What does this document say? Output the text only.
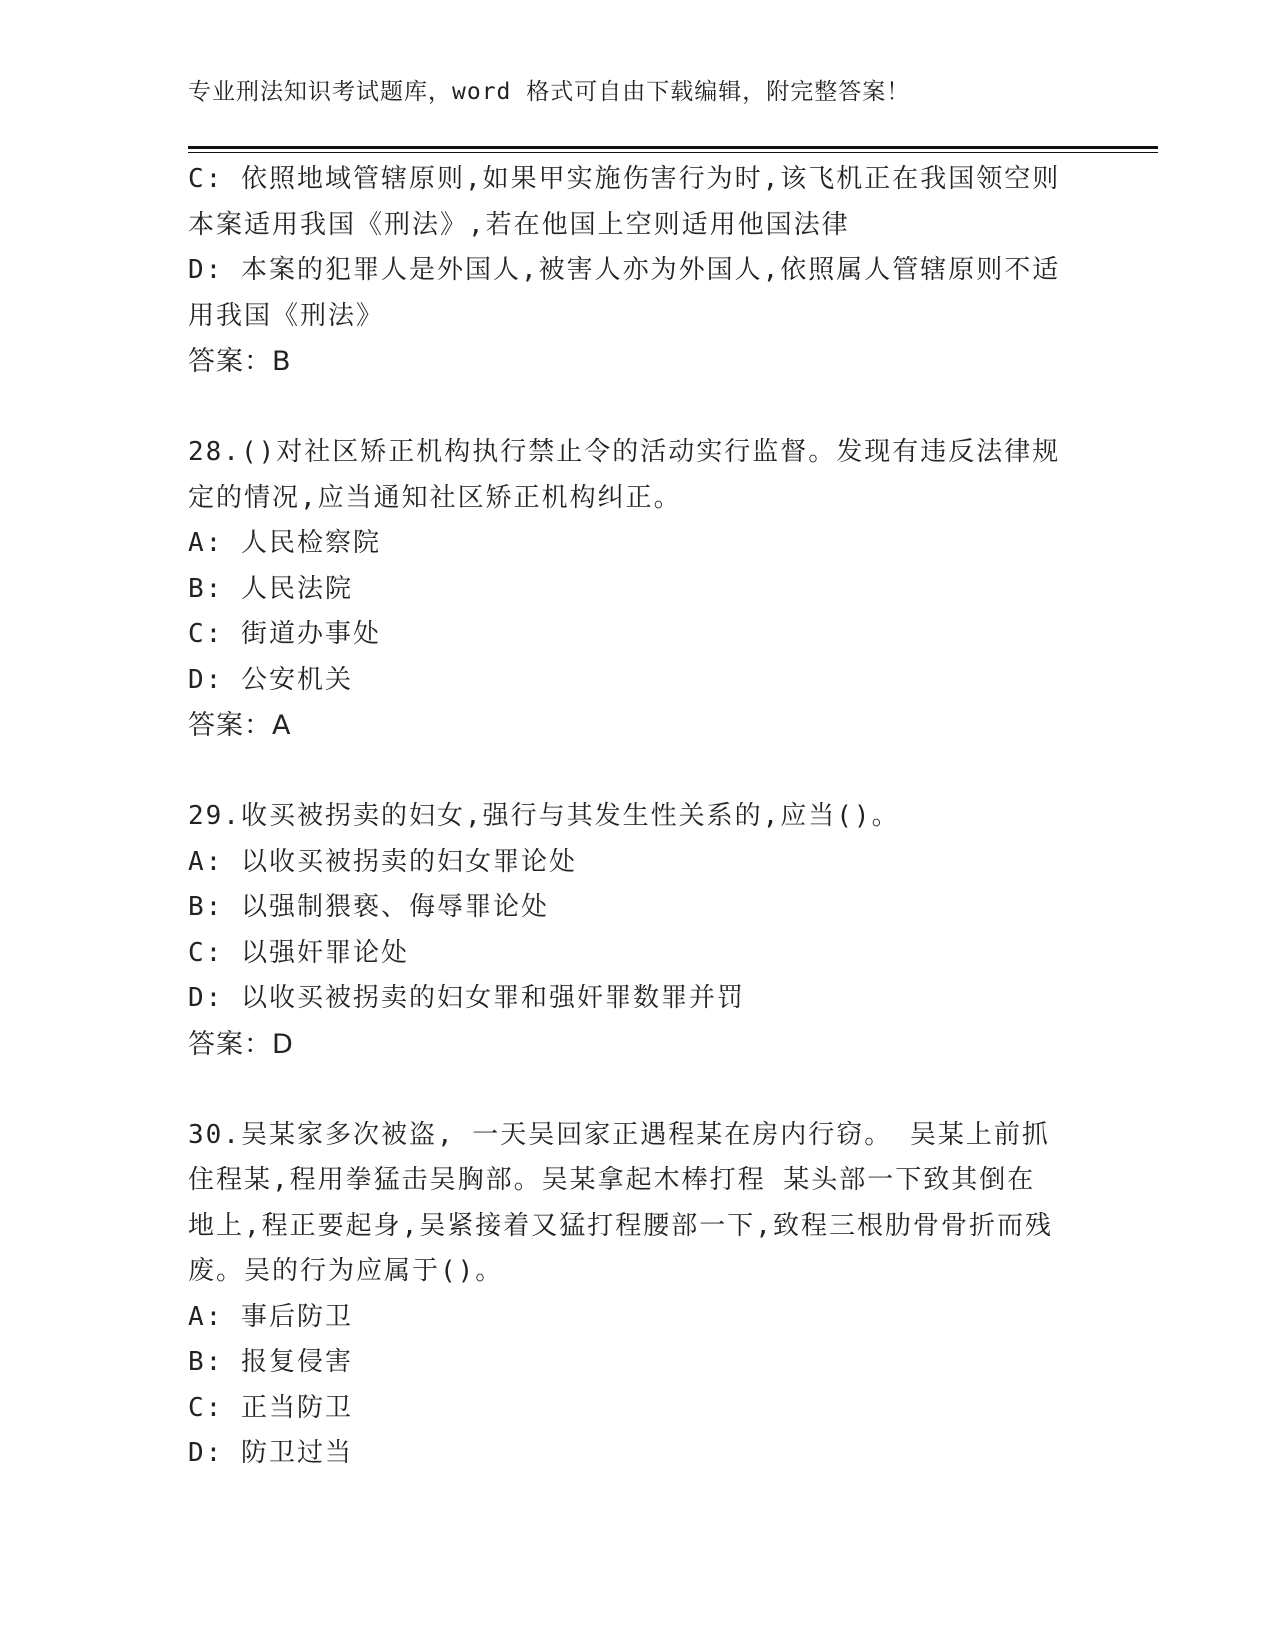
专业刑法知识考试题库，word 格式可自由下载编辑，附完整答案！
C: 依照地域管辖原则,如果甲实施伤害行为时,该飞机正在我国领空则
本案适用我国《刑法》,若在他国上空则适用他国法律
D: 本案的犯罪人是外国人,被害人亦为外国人,依照属人管辖原则不适
用我国《刑法》
答案：B
28.()对社区矫正机构执行禁止令的活动实行监督。发现有违反法律规
定的情况,应当通知社区矫正机构纠正。
A: 人民检察院
B: 人民法院
C: 街道办事处
D: 公安机关
答案：A
29.收买被拐卖的妇女,强行与其发生性关系的,应当()。
A: 以收买被拐卖的妇女罪论处
B: 以强制猥亵、侮辱罪论处
C: 以强奸罪论处
D: 以收买被拐卖的妇女罪和强奸罪数罪并罚
答案：D
30.吴某家多次被盗, 一天吴回家正遇程某在房内行窃。 吴某上前抓
住程某,程用拳猛击吴胸部。吴某拿起木棒打程 某头部一下致其倒在
地上,程正要起身,吴紧接着又猛打程腰部一下,致程三根肋骨骨折而残
废。吴的行为应属于()。
A: 事后防卫
B: 报复侵害
C: 正当防卫
D: 防卫过当
